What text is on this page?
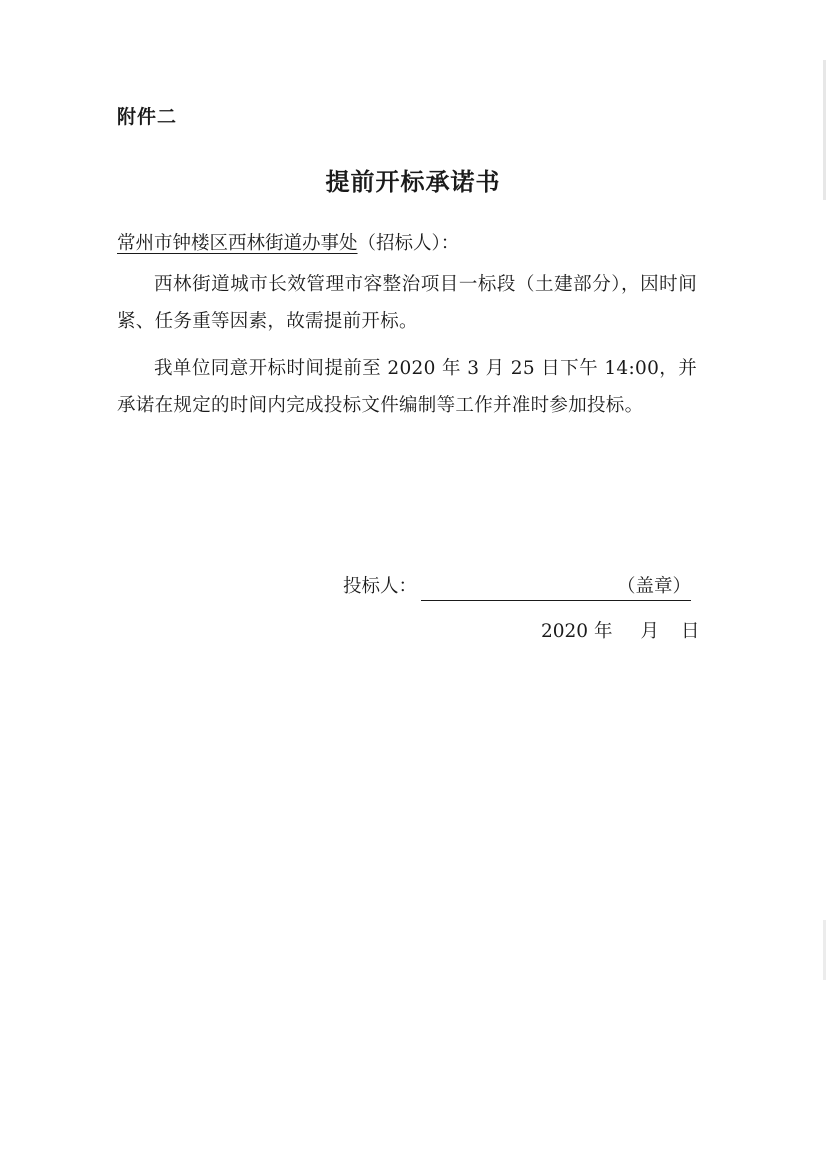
附件二
提前开标承诺书
常州市钟楼区西林街道办事处（招标人）：
西林街道城市长效管理市容整治项目一标段（土建部分），因时间紧、任务重等因素，故需提前开标。
我单位同意开标时间提前至 2020 年 3 月 25 日下午 14:00，并承诺在规定的时间内完成投标文件编制等工作并准时参加投标。
投标人：	（盖章）
2020 年 月 日
